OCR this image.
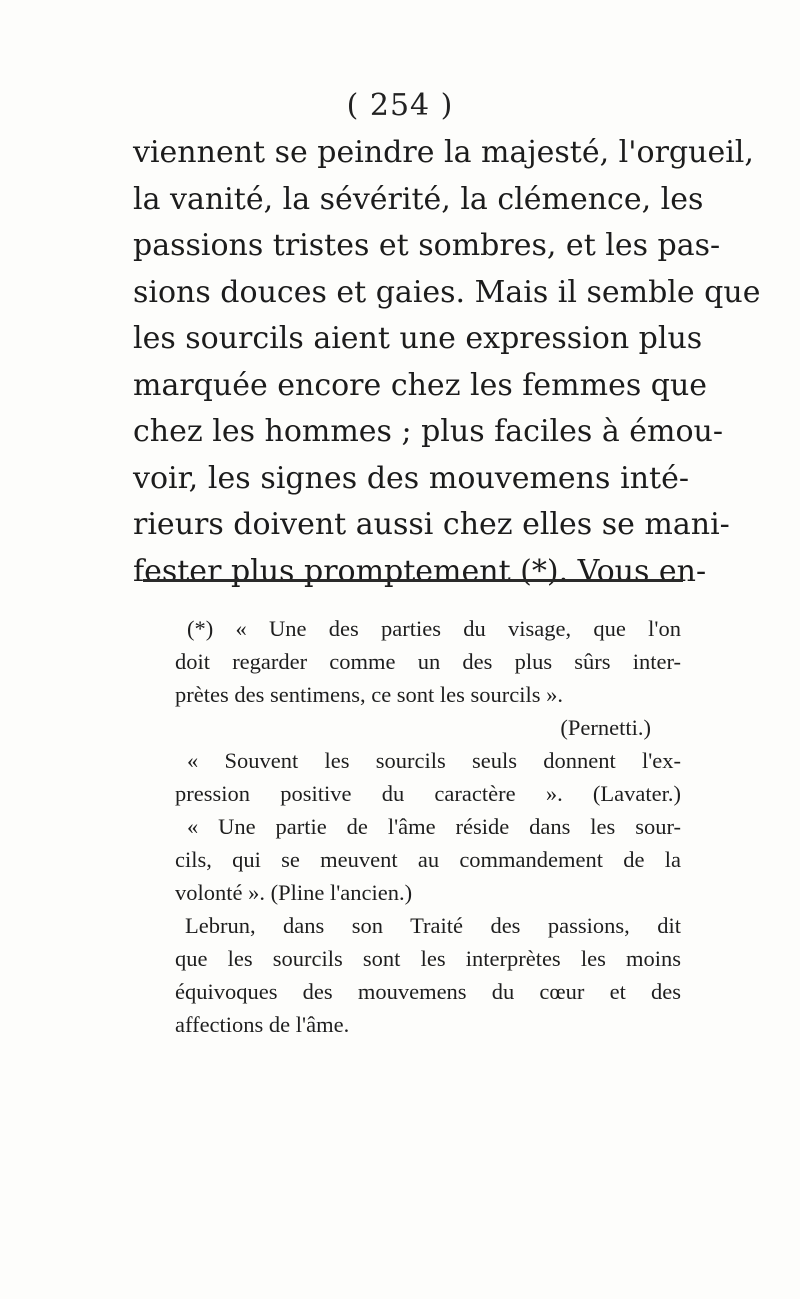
( 254 )
viennent se peindre la majesté, l'orgueil,
la vanité, la sévérité, la clémence, les
passions tristes et sombres, et les pas-
sions douces et gaies. Mais il semble que
les sourcils aient une expression plus
marquée encore chez les femmes que
chez les hommes ; plus faciles à émou-
voir, les signes des mouvemens inté-
rieurs doivent aussi chez elles se mani-
fester plus promptement (*). Vous en-
(*) « Une des parties du visage, que l'on
doit regarder comme un des plus sûrs inter-
prètes des sentimens, ce sont les sourcils ».
(Pernetti.)
« Souvent les sourcils seuls donnent l'ex-
pression positive du caractère ». (Lavater.)
« Une partie de l'âme réside dans les sour-
cils, qui se meuvent au commandement de la
volonté ». (Pline l'ancien.)
Lebrun, dans son Traité des passions, dit
que les sourcils sont les interprètes les moins
équivoques des mouvemens du cœur et des
affections de l'âme.
